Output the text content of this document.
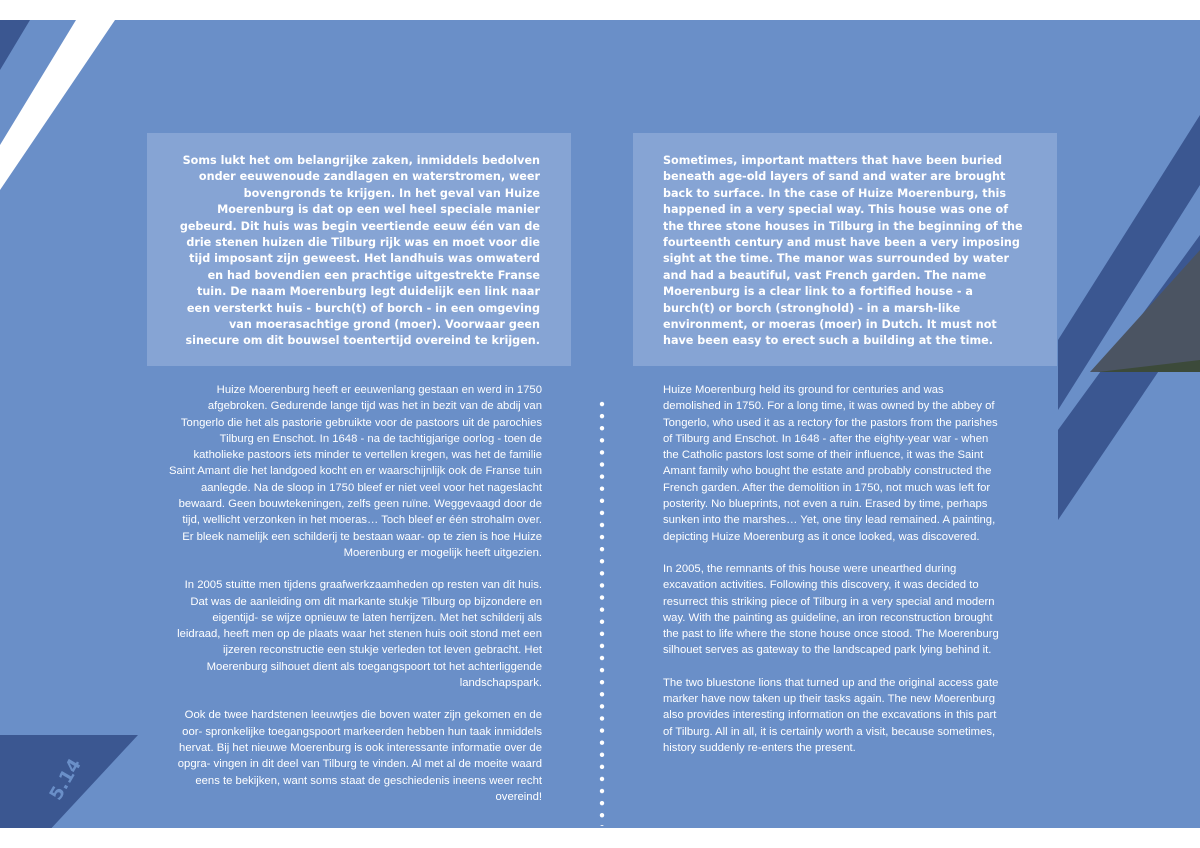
Soms lukt het om belangrijke zaken, inmiddels bedolven onder eeuwenoude zandlagen en waterstromen, weer bovengronds te krijgen. In het geval van Huize Moerenburg is dat op een wel heel speciale manier gebeurd. Dit huis was begin veertiende eeuw één van de drie stenen huizen die Tilburg rijk was en moet voor die tijd imposant zijn geweest. Het landhuis was omwaterd en had bovendien een prachtige uitgestrekte Franse tuin. De naam Moerenburg legt duidelijk een link naar een versterkt huis - burch(t) of borch - in een omgeving van moerasachtige grond (moer). Voorwaar geen sinecure om dit bouwsel toentertijd overeind te krijgen.
Sometimes, important matters that have been buried beneath age-old layers of sand and water are brought back to surface. In the case of Huize Moerenburg, this happened in a very special way. This house was one of the three stone houses in Tilburg in the beginning of the fourteenth century and must have been a very imposing sight at the time. The manor was surrounded by water and had a beautiful, vast French garden. The name Moerenburg is a clear link to a fortified house - a burch(t) or borch (stronghold) - in a marsh-like environment, or moeras (moer) in Dutch. It must not have been easy to erect such a building at the time.

Huize Moerenburg heeft er eeuwenlang gestaan en werd in 1750 afgebroken. Gedurende lange tijd was het in bezit van de abdij van Tongerlo die het als pastorie gebruikte voor de pastoors uit de parochies Tilburg en Enschot. In 1648 - na de tachtigjarige oorlog - toen de katholieke pastoors iets minder te vertellen kregen, was het de familie Saint Amant die het landgoed kocht en er waarschijnlijk ook de Franse tuin aanlegde. Na de sloop in 1750 bleef er niet veel voor het nageslacht bewaard. Geen bouwtekeningen, zelfs geen ruïne. Weggevaagd door de tijd, wellicht verzonken in het moeras… Toch bleef er één strohalm over. Er bleek namelijk een schilderij te bestaan waar- op te zien is hoe Huize Moerenburg er mogelijk heeft uitgezien.

In 2005 stuitte men tijdens graafwerkzaamheden op resten van dit huis. Dat was de aanleiding om dit markante stukje Tilburg op bijzondere en eigentijd- se wijze opnieuw te laten herrijzen. Met het schilderij als leidraad, heeft men op de plaats waar het stenen huis ooit stond met een ijzeren reconstructie een stukje verleden tot leven gebracht. Het Moerenburg silhouet dient als toegangspoort tot het achterliggende landschapspark.

Ook de twee hardstenen leeuwtjes die boven water zijn gekomen en de oor- spronkelijke toegangspoort markeerden hebben hun taak inmiddels hervat. Bij het nieuwe Moerenburg is ook interessante informatie over de opgra- vingen in dit deel van Tilburg te vinden. Al met al de moeite waard eens te bekijken, want soms staat de geschiedenis ineens weer recht overeind!

Huize Moerenburg held its ground for centuries and was demolished in 1750. For a long time, it was owned by the abbey of Tongerlo, who used it as a rectory for the pastors from the parishes of Tilburg and Enschot. In 1648 - after the eighty-year war - when the Catholic pastors lost some of their influence, it was the Saint Amant family who bought the estate and probably constructed the French garden. After the demolition in 1750, not much was left for posterity. No blueprints, not even a ruin. Erased by time, perhaps sunken into the marshes… Yet, one tiny lead remained. A painting, depicting Huize Moerenburg as it once looked, was discovered.

In 2005, the remnants of this house were unearthed during excavation activities. Following this discovery, it was decided to resurrect this striking piece of Tilburg in a very special and modern way. With the painting as guideline, an iron reconstruction brought the past to life where the stone house once stood. The Moerenburg silhouet serves as gateway to the landscaped park lying behind it.

The two bluestone lions that turned up and the original access gate marker have now taken up their tasks again. The new Moerenburg also provides interesting information on the excavations in this part of Tilburg. All in all, it is certainly worth a visit, because sometimes, history suddenly re-enters the present.

5.14
